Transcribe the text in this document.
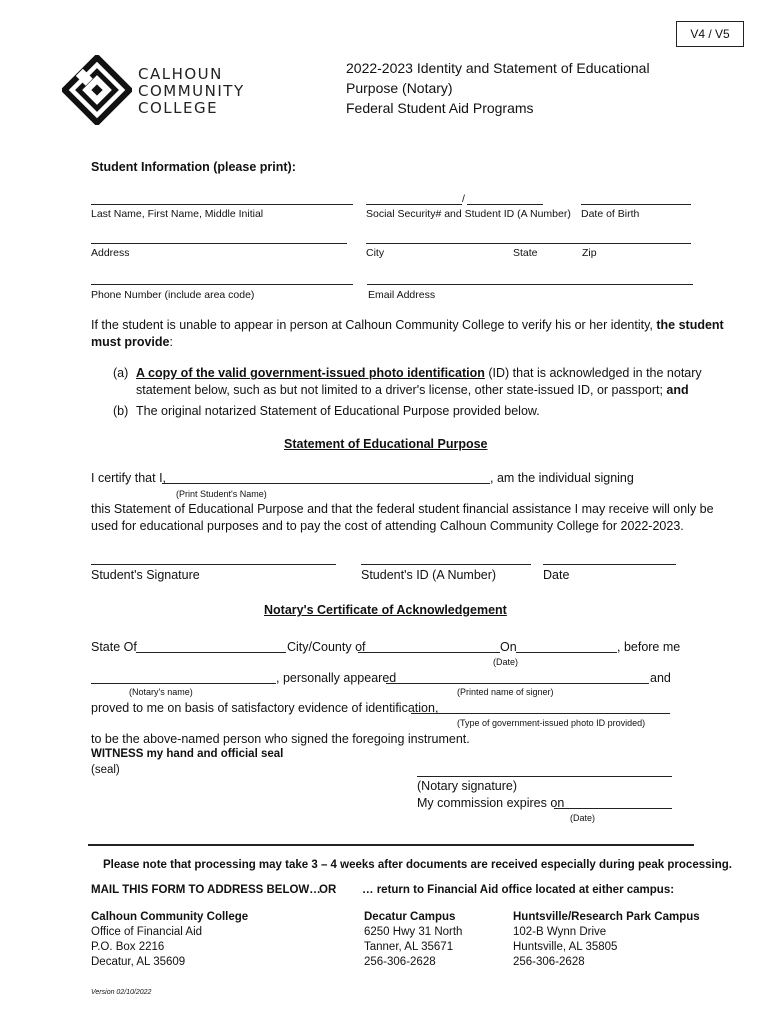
V4 / V5
CALHOUN
COMMUNITY
COLLEGE
2022-2023 Identity and Statement of Educational
Purpose (Notary)
Federal Student Aid Programs
Student Information (please print):
/
Last Name, First Name, Middle Initial	Social Security# and Student ID (A Number) Date of Birth
Address	City	State	Zip
Phone Number (include area code)	Email Address
If the student is unable to appear in person at Calhoun Community College to verify his or her identity, the student
must provide:
(a) A copy of the valid government-issued photo identification (ID) that is acknowledged in the notary
statement below, such as but not limited to a driver's license, other state-issued ID, or passport; and
(b) The original notarized Statement of Educational Purpose provided below.
Statement of Educational Purpose
I certify that I,	, am the individual signing
(Print Student's Name)
this Statement of Educational Purpose and that the federal student financial assistance I may receive will only be
used for educational purposes and to pay the cost of attending Calhoun Community College for 2022-2023.
Student's Signature	Student's ID (A Number)	Date
Notary's Certificate of Acknowledgement
State Of	City/County of	On	, before me
(Date)
, personally appeared	and
(Notary's name)	(Printed name of signer)
proved to me on basis of satisfactory evidence of identification,
(Type of government-issued photo ID provided)
to be the above-named person who signed the foregoing instrument.
WITNESS my hand and official seal
(seal)
(Notary signature)
My commission expires on
(Date)
Please note that processing may take 3 – 4 weeks after documents are received especially during peak processing.
MAIL THIS FORM TO ADDRESS BELOW…
OR … return to Financial Aid office located at either campus:
Calhoun Community College
Office of Financial Aid
P.O. Box 2216
Decatur, AL 35609
Decatur Campus
6250 Hwy 31 North
Tanner, AL 35671
256-306-2628
Huntsville/Research Park Campus
102-B Wynn Drive
Huntsville, AL 35805
256-306-2628
Version 02/10/2022
